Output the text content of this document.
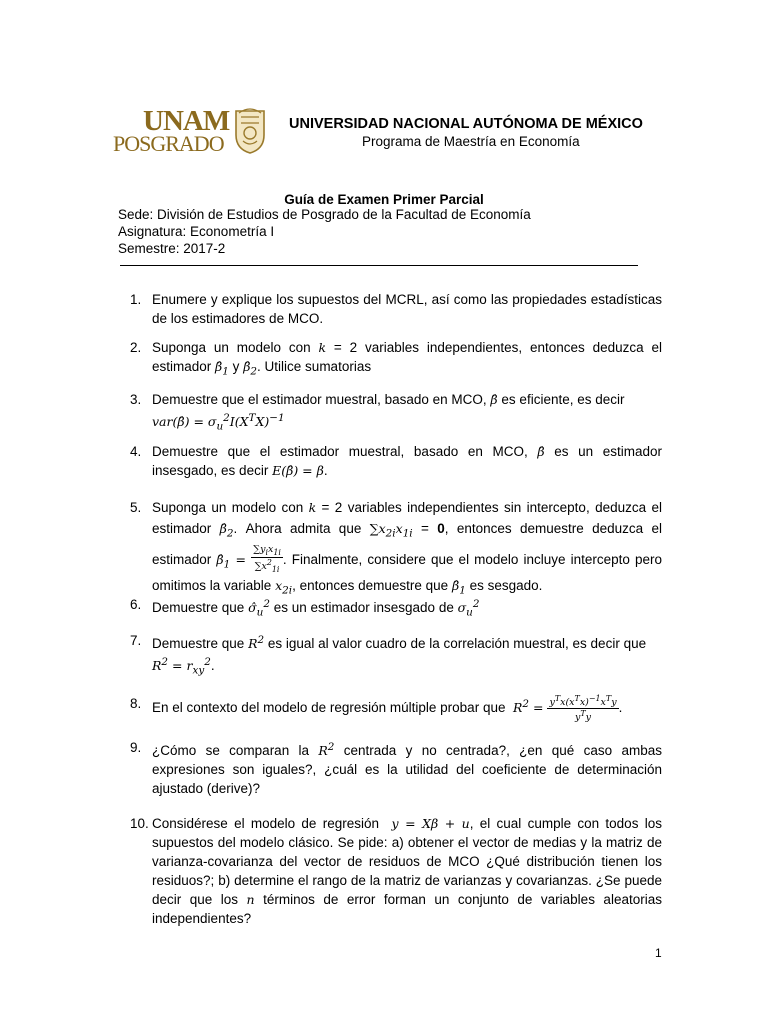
UNAM
POSGRADO
UNIVERSIDAD NACIONAL AUTÓNOMA DE MÉXICO
Programa de Maestría en Economía
Guía de Examen Primer Parcial
Sede: División de Estudios de Posgrado de la Facultad de Economía
Asignatura: Econometría I
Semestre: 2017-2
1. Enumere y explique los supuestos del MCRL, así como las propiedades estadísticas de los estimadores de MCO.
2. Suponga un modelo con k = 2 variables independientes, entonces deduzca el estimador $\betâ_1$ y $\betâ_2$. Utilice sumatorias
3. Demuestre que el estimador muestral, basado en MCO, β̂ es eficiente, es decir
var(β̂) = $\sigma_u^2I(X^TX)^{-1}$
4. Demuestre que el estimador muestral, basado en MCO, β̂ es un estimador insesgado, es decir E(β̂) = β.
5. Suponga un modelo con k = 2 variables independientes sin intercepto, deduzca el estimador $\betâ_2$. Ahora admita que $\sum x_{2i}x_{1i} = 0$, entonces demuestre deduzca el estimador $\betâ_1 = \frac{\sum y_ix_{1i}}{\sum x^2_{1i}}$ . Finalmente, considere que el modelo incluye intercepto pero omitimos la variable $x_{2i}$, entonces demuestre que $\betâ_1$ es sesgado.
6. Demuestre que $\sigmâ_u^2$ es un estimador insesgado de $\sigma_u^2$
7. Demuestre que $R^2$ es igual al valor cuadro de la correlación muestral, es decir que
$R^2 = r_{xy}^2$.
8. En el contexto del modelo de regresión múltiple probar que $R^2 = \frac{y^Tx(x^Tx)^{-1}x^Ty}{y^Ty}$ .
9. ¿Cómo se comparan la $R^2$ centrada y no centrada?, ¿en qué caso ambas expresiones son iguales?, ¿cuál es la utilidad del coeficiente de determinación ajustado (derive)?
10. Considérese el modelo de regresión y = Xβ + u, el cual cumple con todos los supuestos del modelo clásico. Se pide: a) obtener el vector de medias y la matriz de varianza-covarianza del vector de residuos de MCO ¿Qué distribución tienen los residuos?; b) determine el rango de la matriz de varianzas y covarianzas. ¿Se puede decir que los n términos de error forman un conjunto de variables aleatorias independientes?
1
